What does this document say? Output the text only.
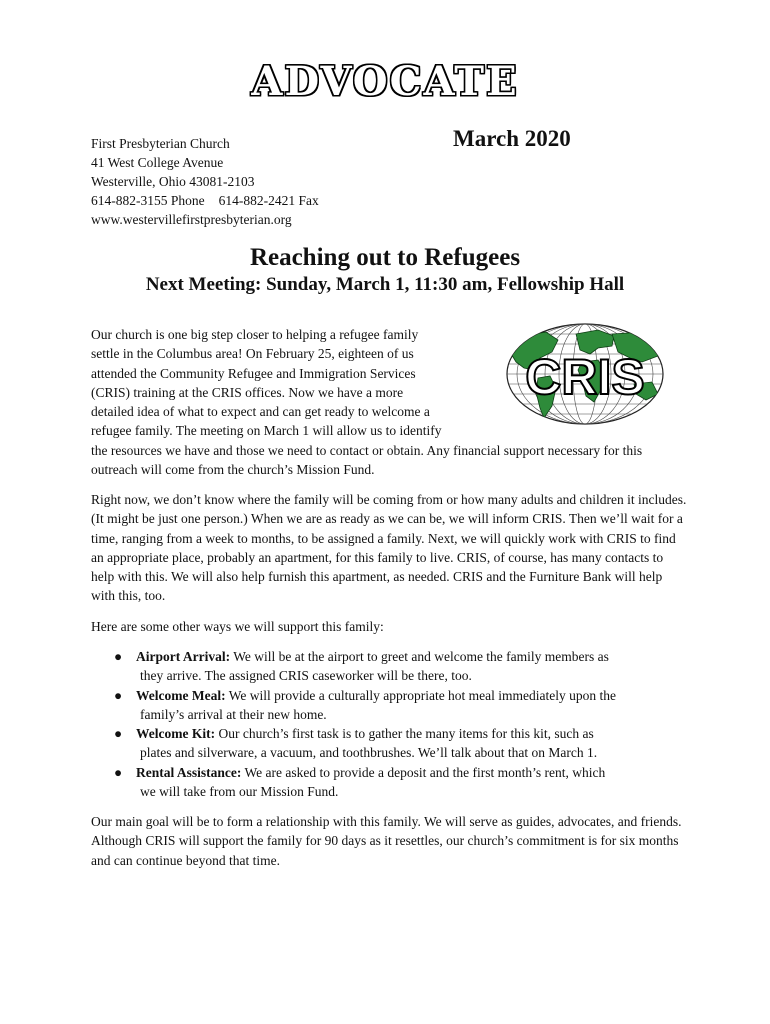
ADVOCATE
First Presbyterian Church
41 West College Avenue
Westerville, Ohio 43081-2103
614-882-3155 Phone 614-882-2421 Fax
www.westervillefirstpresbyterian.org
March 2020
Reaching out to Refugees
Next Meeting: Sunday, March 1, 11:30 am, Fellowship Hall
Our church is one big step closer to helping a refugee family
settle in the Columbus area! On February 25, eighteen of us
attended the Community Refugee and Immigration Services
(CRIS) training at the CRIS offices. Now we have a more
detailed idea of what to expect and can get ready to welcome a
refugee family. The meeting on March 1 will allow us to identify
the resources we have and those we need to contact or obtain. Any financial support necessary for this outreach will come from the church’s Mission Fund.
CRIS
Right now, we don’t know where the family will be coming from or how many adults and children it includes. (It might be just one person.) When we are as ready as we can be, we will inform CRIS. Then we’ll wait for a time, ranging from a week to months, to be assigned a family. Next, we will quickly work with CRIS to find an appropriate place, probably an apartment, for this family to live. CRIS, of course, has many contacts to help with this. We will also help furnish this apartment, as needed. CRIS and the Furniture Bank will help with this, too.
Here are some other ways we will support this family:
● Airport Arrival: We will be at the airport to greet and welcome the family members as
they arrive. The assigned CRIS caseworker will be there, too.
● Welcome Meal: We will provide a culturally appropriate hot meal immediately upon the
family’s arrival at their new home.
● Welcome Kit: Our church’s first task is to gather the many items for this kit, such as
plates and silverware, a vacuum, and toothbrushes. We’ll talk about that on March 1.
● Rental Assistance: We are asked to provide a deposit and the first month’s rent, which
we will take from our Mission Fund.
Our main goal will be to form a relationship with this family. We will serve as guides, advocates, and friends. Although CRIS will support the family for 90 days as it resettles, our church’s commitment is for six months and can continue beyond that time.
